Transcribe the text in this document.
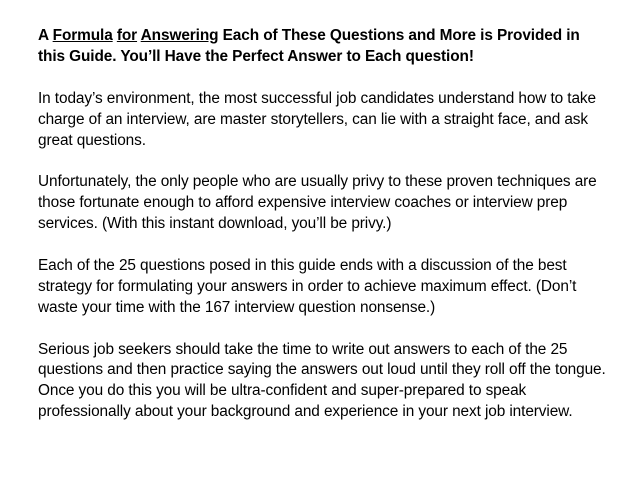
A Formula for Answering Each of These Questions and More is Provided in
this Guide. You’ll Have the Perfect Answer to Each question!

In today’s environment, the most successful job candidates understand how to take charge of an interview, are master storytellers, can lie with a straight face, and ask great questions.

Unfortunately, the only people who are usually privy to these proven techniques are those fortunate enough to afford expensive interview coaches or interview prep services. (With this instant download, you’ll be privy.)

Each of the 25 questions posed in this guide ends with a discussion of the best strategy for formulating your answers in order to achieve maximum effect. (Don’t waste your time with the 167 interview question nonsense.)

Serious job seekers should take the time to write out answers to each of the 25 questions and then practice saying the answers out loud until they roll off the tongue. Once you do this you will be ultra-confident and super-prepared to speak professionally about your background and experience in your next job interview.
